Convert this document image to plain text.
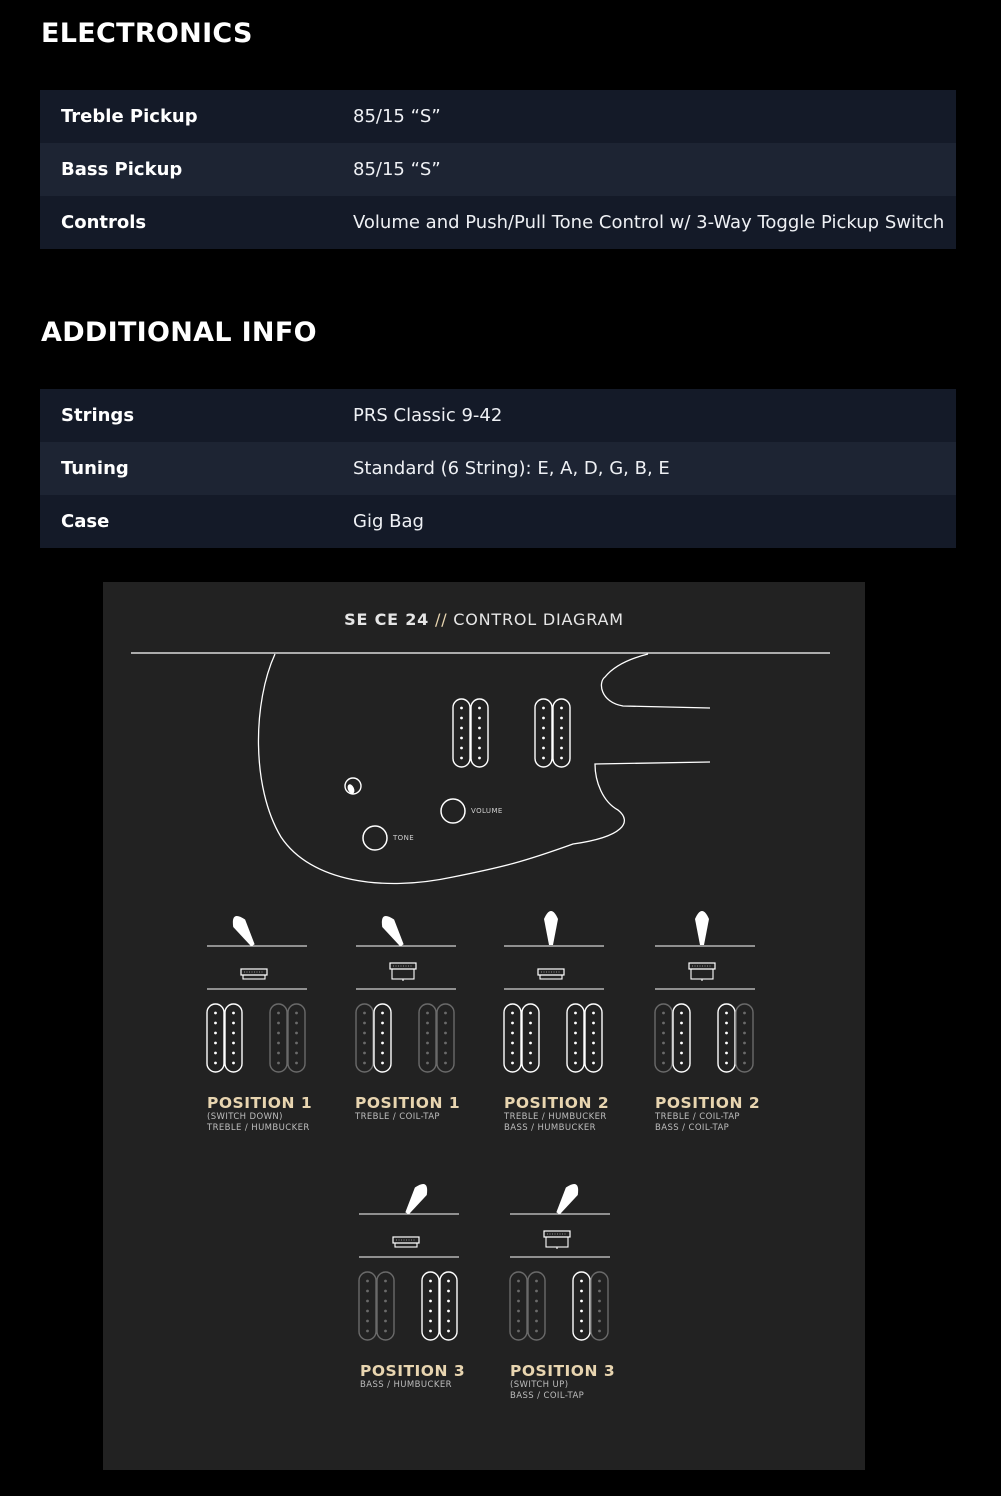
ELECTRONICS
Treble Pickup	85/15 “S”
Bass Pickup	85/15 “S”
Controls	Volume and Push/Pull Tone Control w/ 3-Way Toggle Pickup Switch
ADDITIONAL INFO
Strings	PRS Classic 9-42
Tuning	Standard (6 String): E, A, D, G, B, E
Case	Gig Bag
SE CE 24 // CONTROL DIAGRAM
VOLUME
TONE
POSITION 1
(SWITCH DOWN)
TREBLE / HUMBUCKER
POSITION 1
TREBLE / COIL-TAP
POSITION 2
TREBLE / HUMBUCKER
BASS / HUMBUCKER
POSITION 2
TREBLE / COIL-TAP
BASS / COIL-TAP
POSITION 3
BASS / HUMBUCKER
POSITION 3
(SWITCH UP)
BASS / COIL-TAP
